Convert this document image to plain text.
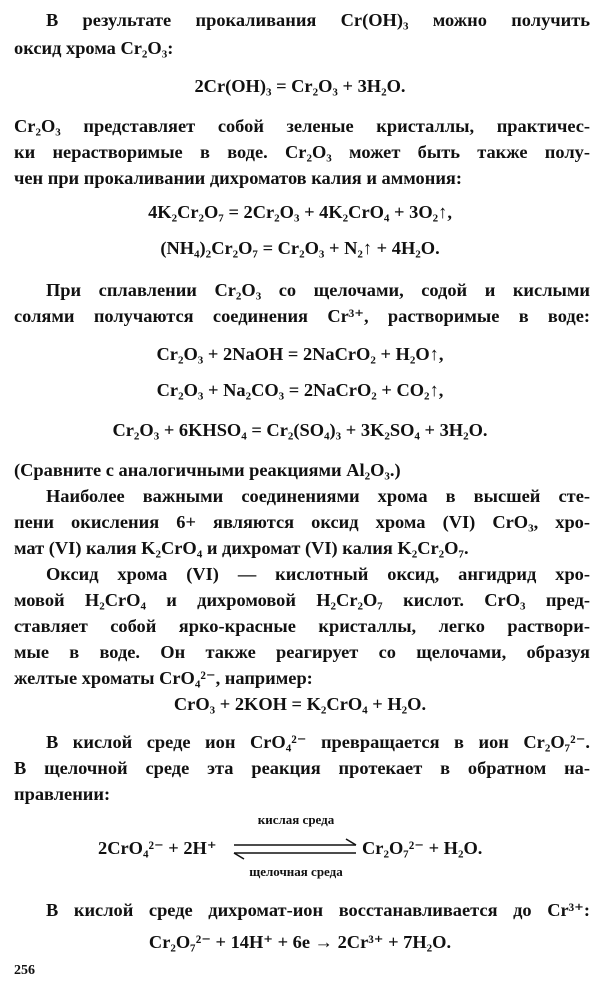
В результате прокаливания Cr(OH)₃ можно получить
оксид хрома Cr₂O₃:
2Cr(OH)₃ = Cr₂O₃ + 3H₂O.
Cr₂O₃ представляет собой зеленые кристаллы, практичес-
ки нерастворимые в воде. Cr₂O₃ может быть также полу-
чен при прокаливании дихроматов калия и аммония:
4K₂Cr₂O₇ = 2Cr₂O₃ + 4K₂CrO₄ + 3O₂↑,
(NH₄)₂Cr₂O₇ = Cr₂O₃ + N₂↑ + 4H₂O.
При сплавлении Cr₂O₃ со щелочами, содой и кислыми
солями получаются соединения Cr³⁺, растворимые в воде:
Cr₂O₃ + 2NaOH = 2NaCrO₂ + H₂O↑,
Cr₂O₃ + Na₂CO₃ = 2NaCrO₂ + CO₂↑,
Cr₂O₃ + 6KHSO₄ = Cr₂(SO₄)₃ + 3K₂SO₄ + 3H₂O.
(Сравните с аналогичными реакциями Al₂O₃.)
Наиболее важными соединениями хрома в высшей сте-
пени окисления 6+ являются оксид хрома (VI) CrO₃, хро-
мат (VI) калия K₂CrO₄ и дихромат (VI) калия K₂Cr₂O₇.
Оксид хрома (VI) — кислотный оксид, ангидрид хро-
мовой H₂CrO₄ и дихромовой H₂Cr₂O₇ кислот. CrO₃ пред-
ставляет собой ярко-красные кристаллы, легко раствори-
мые в воде. Он также реагирует со щелочами, образуя
желтые хроматы CrO₄²⁻, например:
CrO₃ + 2KOH = K₂CrO₄ + H₂O.
В кислой среде ион CrO₄²⁻ превращается в ион Cr₂O₇²⁻.
В щелочной среде эта реакция протекает в обратном на-
правлении:
кислая среда
2CrO₄²⁻ + 2H⁺	Cr₂O₇²⁻ + H₂O.
щелочная среда
В кислой среде дихромат-ион восстанавливается до Cr³⁺:
Cr₂O₇²⁻ + 14H⁺ + 6e → 2Cr³⁺ + 7H₂O.
256
